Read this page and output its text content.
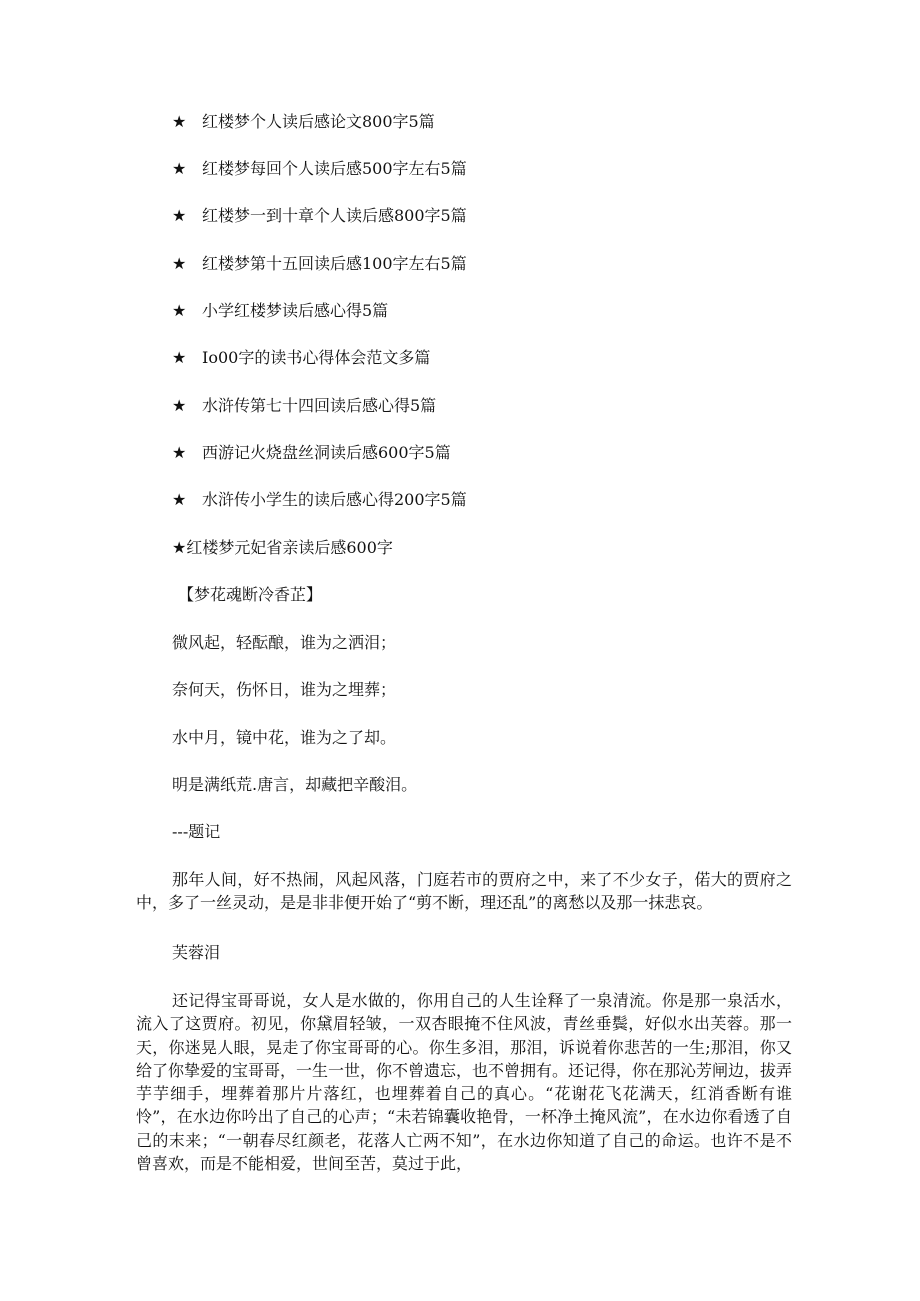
★ 红楼梦个人读后感论文800字5篇
★ 红楼梦每回个人读后感500字左右5篇
★ 红楼梦一到十章个人读后感800字5篇
★ 红楼梦第十五回读后感100字左右5篇
★ 小学红楼梦读后感心得5篇
★ Io00字的读书心得体会范文多篇
★ 水浒传第七十四回读后感心得5篇
★ 西游记火烧盘丝洞读后感600字5篇
★ 水浒传小学生的读后感心得200字5篇
★红楼梦元妃省亲读后感600字
【梦花魂断冷香芷】
微风起，轻酝酿，谁为之洒泪；
奈何天，伤怀日，谁为之埋葬；
水中月，镜中花，谁为之了却。
明是满纸荒.唐言，却藏把辛酸泪。
---题记

那年人间，好不热闹，风起风落，门庭若市的贾府之中，来了不少女子，偌大的贾府之中，多了一丝灵动，是是非非便开始了“剪不断，理还乱”的离愁以及那一抹悲哀。

芙蓉泪

还记得宝哥哥说，女人是水做的，你用自己的人生诠释了一泉清流。你是那一泉活水，流入了这贾府。初见，你黛眉轻皱，一双杏眼掩不住风波，青丝垂鬓，好似水出芙蓉。那一天，你迷晃人眼，晃走了你宝哥哥的心。你生多泪，那泪，诉说着你悲苦的一生;那泪，你又给了你挚爱的宝哥哥，一生一世，你不曾遗忘，也不曾拥有。还记得，你在那沁芳闸边，拔弄芋芋细手，埋葬着那片片落红，也埋葬着自己的真心。“花谢花飞花满天，红消香断有谁怜”，在水边你吟出了自己的心声；“未若锦囊收艳骨，一杯净土掩风流”，在水边你看透了自己的末来；“一朝春尽红颜老，花落人亡两不知”，在水边你知道了自己的命运。也许不是不曾喜欢，而是不能相爱，世间至苦，莫过于此，
